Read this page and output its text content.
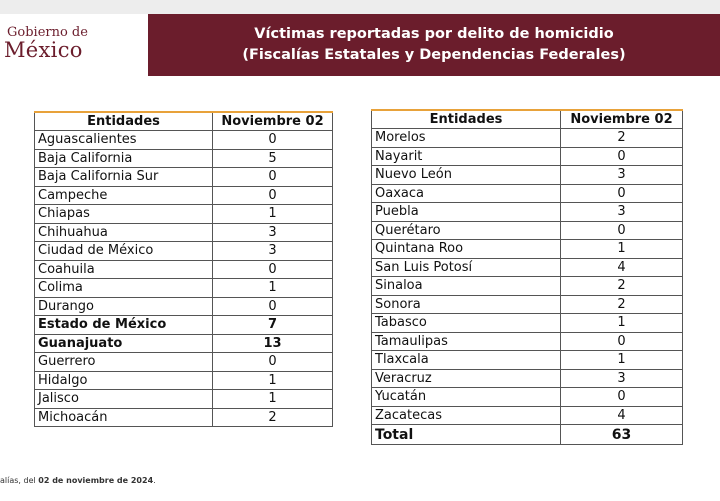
Gobierno de
México
Víctimas reportadas por delito de homicidio
(Fiscalías Estatales y Dependencias Federales)
Entidades	Noviembre 02
Aguascalientes	0
Baja California	5
Baja California Sur	0
Campeche	0
Chiapas	1
Chihuahua	3
Ciudad de México	3
Coahuila	0
Colima	1
Durango	0
Estado de México	7
Guanajuato	13
Guerrero	0
Hidalgo	1
Jalisco	1
Michoacán	2
Entidades	Noviembre 02
Morelos	2
Nayarit	0
Nuevo León	3
Oaxaca	0
Puebla	3
Querétaro	0
Quintana Roo	1
San Luis Potosí	4
Sinaloa	2
Sonora	2
Tabasco	1
Tamaulipas	0
Tlaxcala	1
Veracruz	3
Yucatán	0
Zacatecas	4
Total	63
alías, del 02 de noviembre de 2024.
